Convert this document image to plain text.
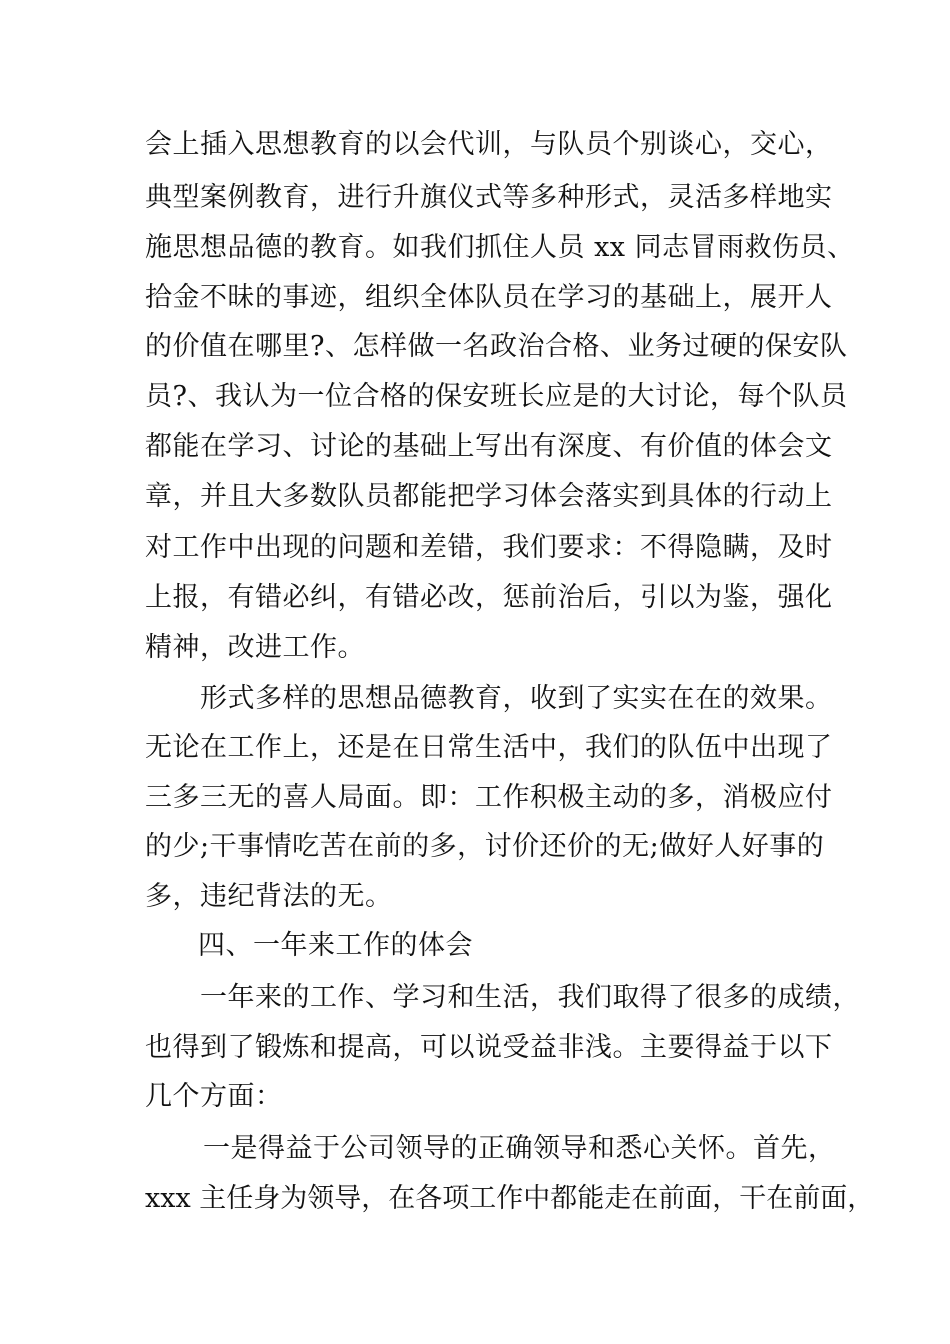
会上插入思想教育的以会代训，与队员个别谈心，交心，
典型案例教育，进行升旗仪式等多种形式，灵活多样地实
施思想品德的教育。如我们抓住人员 xx 同志冒雨救伤员、
拾金不昧的事迹，组织全体队员在学习的基础上，展开人
的价值在哪里?、怎样做一名政治合格、业务过硬的保安队
员?、我认为一位合格的保安班长应是的大讨论，每个队员
都能在学习、讨论的基础上写出有深度、有价值的体会文
章，并且大多数队员都能把学习体会落实到具体的行动上
对工作中出现的问题和差错，我们要求：不得隐瞒，及时
上报，有错必纠，有错必改，惩前治后，引以为鉴，强化
精神，改进工作。
形式多样的思想品德教育，收到了实实在在的效果。
无论在工作上，还是在日常生活中，我们的队伍中出现了
三多三无的喜人局面。即：工作积极主动的多，消极应付
的少;干事情吃苦在前的多，讨价还价的无;做好人好事的
多，违纪背法的无。
四、一年来工作的体会
一年来的工作、学习和生活，我们取得了很多的成绩，
也得到了锻炼和提高，可以说受益非浅。主要得益于以下
几个方面：
一是得益于公司领导的正确领导和悉心关怀。首先，
xxx 主任身为领导，在各项工作中都能走在前面，干在前面，
